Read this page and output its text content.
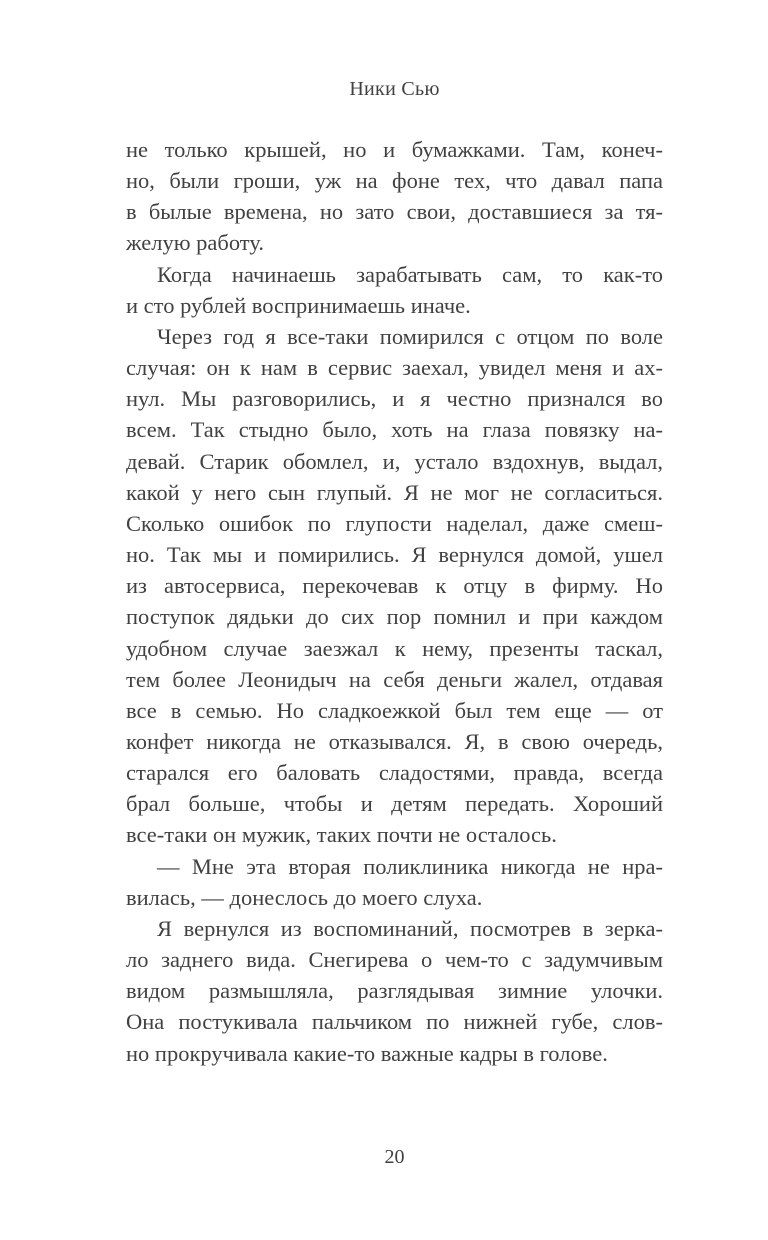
Ники Сью
не только крышей, но и бумажками. Там, конеч-
но, были гроши, уж на фоне тех, что давал папа
в былые времена, но зато свои, доставшиеся за тя-
желую работу.
Когда начинаешь зарабатывать сам, то как-то
и сто рублей воспринимаешь иначе.
Через год я все-таки помирился с отцом по воле
случая: он к нам в сервис заехал, увидел меня и ах-
нул. Мы разговорились, и я честно признался во
всем. Так стыдно было, хоть на глаза повязку на-
девай. Старик обомлел, и, устало вздохнув, выдал,
какой у него сын глупый. Я не мог не согласиться.
Сколько ошибок по глупости наделал, даже смеш-
но. Так мы и помирились. Я вернулся домой, ушел
из автосервиса, перекочевав к отцу в фирму. Но
поступок дядьки до сих пор помнил и при каждом
удобном случае заезжал к нему, презенты таскал,
тем более Леонидыч на себя деньги жалел, отдавая
все в семью. Но сладкоежкой был тем еще — от
конфет никогда не отказывался. Я, в свою очередь,
старался его баловать сладостями, правда, всегда
брал больше, чтобы и детям передать. Хороший
все-таки он мужик, таких почти не осталось.
— Мне эта вторая поликлиника никогда не нра-
вилась, — донеслось до моего слуха.
Я вернулся из воспоминаний, посмотрев в зерка-
ло заднего вида. Снегирева о чем-то с задумчивым
видом размышляла, разглядывая зимние улочки.
Она постукивала пальчиком по нижней губе, слов-
но прокручивала какие-то важные кадры в голове.
20
